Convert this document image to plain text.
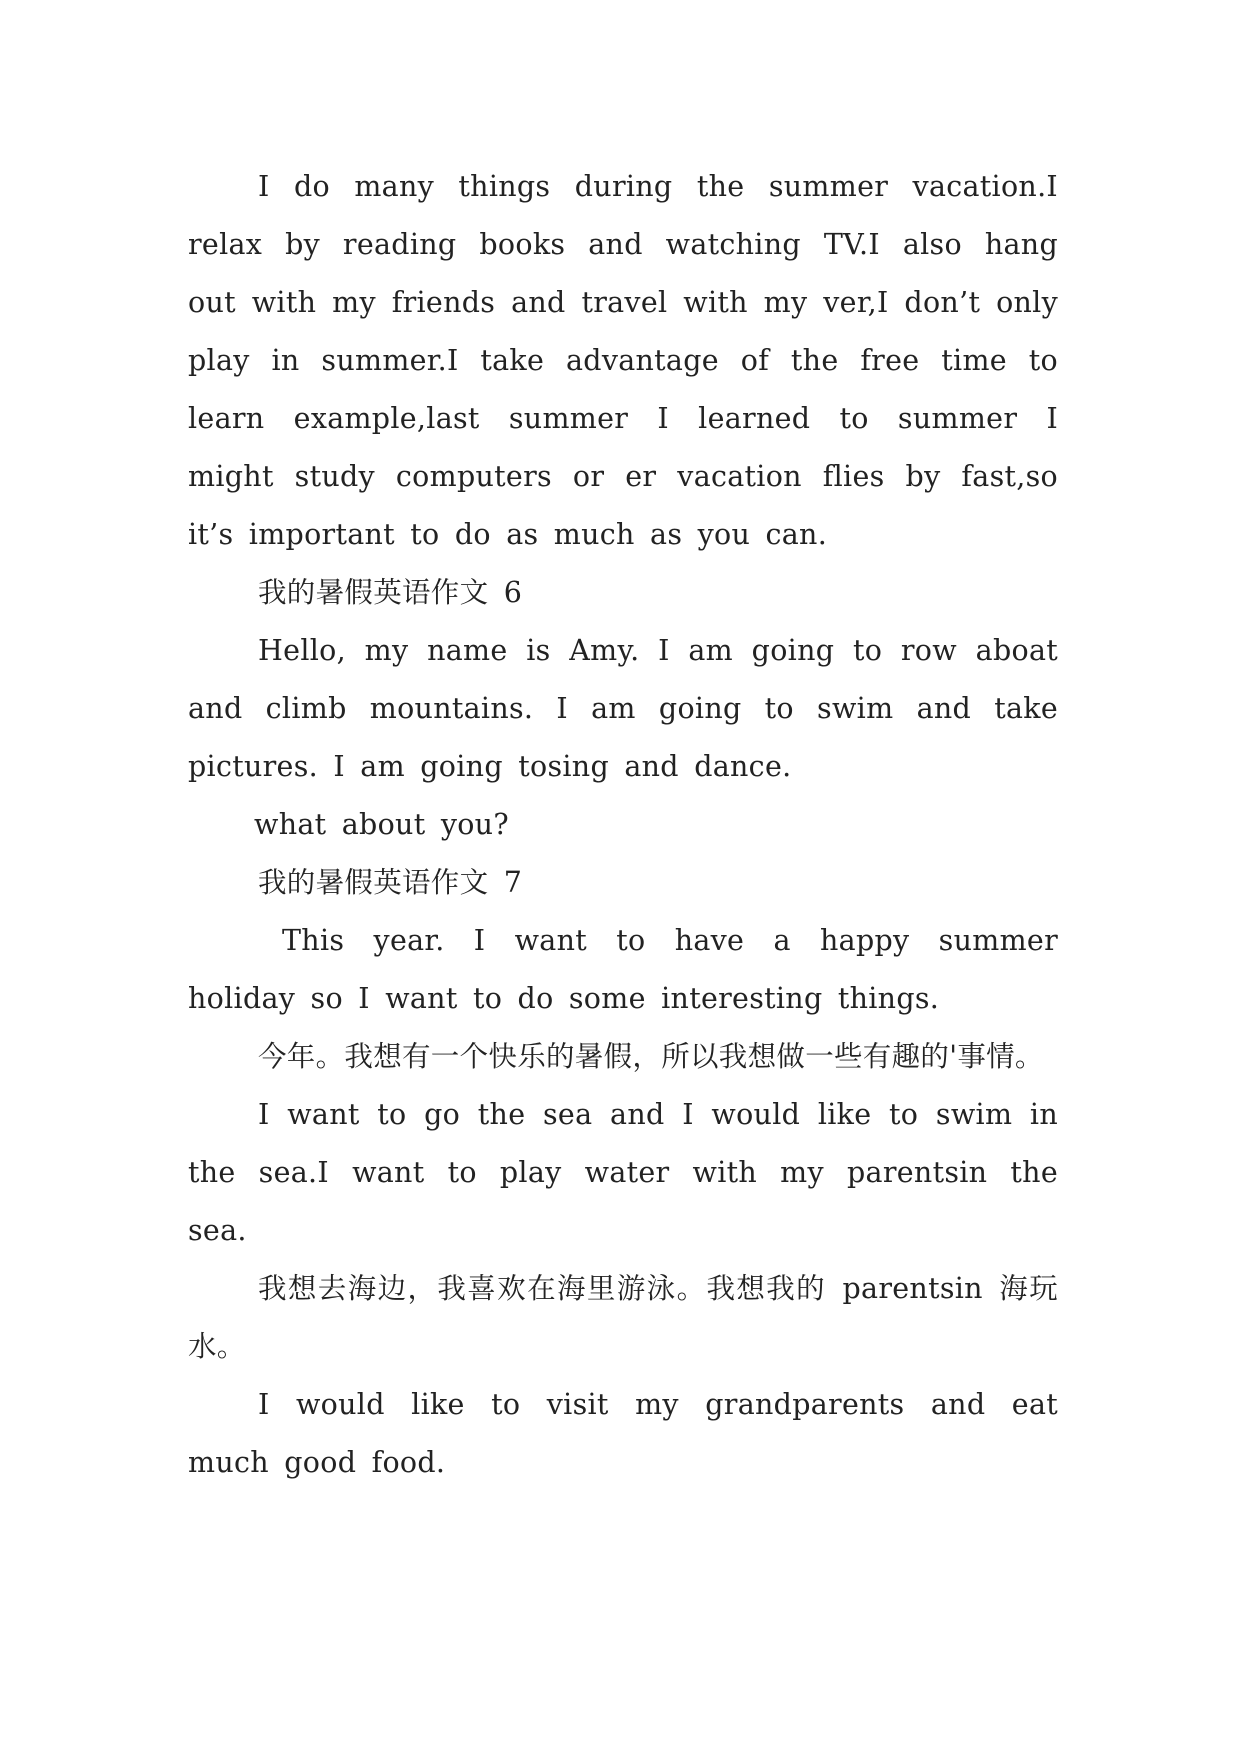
I do many things during the summer vacation.I relax by reading books and watching TV.I also hang out with my friends and travel with my ver,I don’t only play in summer.I take advantage of the free time to learn example,last summer I learned to summer I might study computers or er vacation flies by fast,so it’s important to do as much as you can.

我的暑假英语作文 6

Hello, my name is Amy. I am going to row aboat and climb mountains. I am going to swim and take pictures. I am going tosing and dance.

what about you?

我的暑假英语作文 7

This year. I want to have a happy summer holiday so I want to do some interesting things.

今年。我想有一个快乐的暑假，所以我想做一些有趣的'事情。

I want to go the sea and I would like to swim in the sea.I want to play water with my parentsin the sea.

我想去海边，我喜欢在海里游泳。我想我的 parentsin 海玩水。

I would like to visit my grandparents and eat much good food.
